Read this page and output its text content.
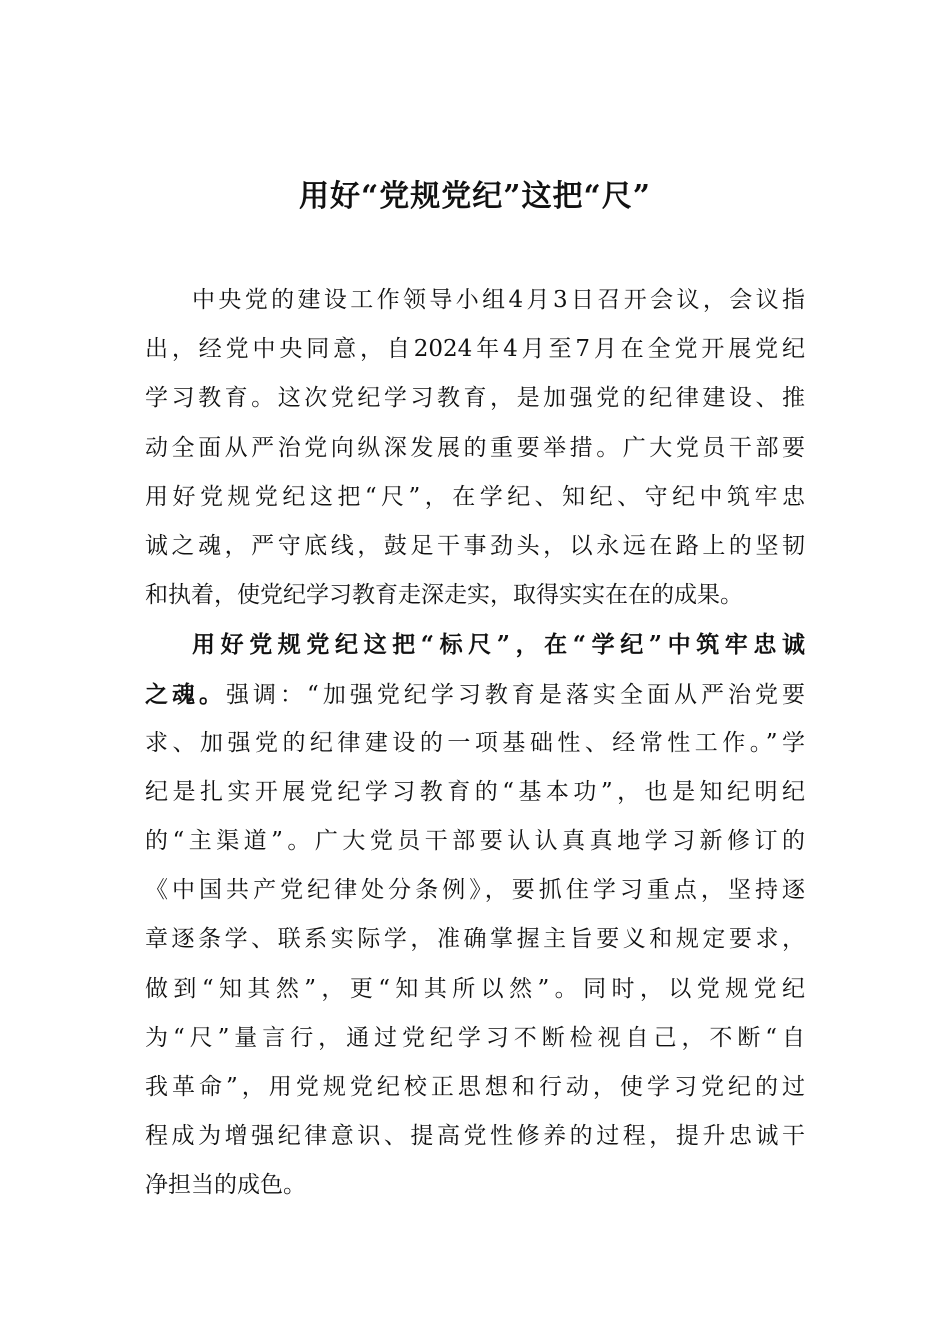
用好“党规党纪”这把“尺”
中央党的建设工作领导小组4月3日召开会议，会议指
出，经党中央同意，自2024年4月至7月在全党开展党纪
学习教育。这次党纪学习教育，是加强党的纪律建设、推
动全面从严治党向纵深发展的重要举措。广大党员干部要
用好党规党纪这把“尺”，在学纪、知纪、守纪中筑牢忠
诚之魂，严守底线，鼓足干事劲头，以永远在路上的坚韧
和执着，使党纪学习教育走深走实，取得实实在在的成果。
用好党规党纪这把“标尺”，在“学纪”中筑牢忠诚
之魂。强调：“加强党纪学习教育是落实全面从严治党要
求、加强党的纪律建设的一项基础性、经常性工作。”学
纪是扎实开展党纪学习教育的“基本功”，也是知纪明纪
的“主渠道”。广大党员干部要认认真真地学习新修订的
《中国共产党纪律处分条例》，要抓住学习重点，坚持逐
章逐条学、联系实际学，准确掌握主旨要义和规定要求，
做到“知其然”，更“知其所以然”。同时，以党规党纪
为“尺”量言行，通过党纪学习不断检视自己，不断“自
我革命”，用党规党纪校正思想和行动，使学习党纪的过
程成为增强纪律意识、提高党性修养的过程，提升忠诚干
净担当的成色。
